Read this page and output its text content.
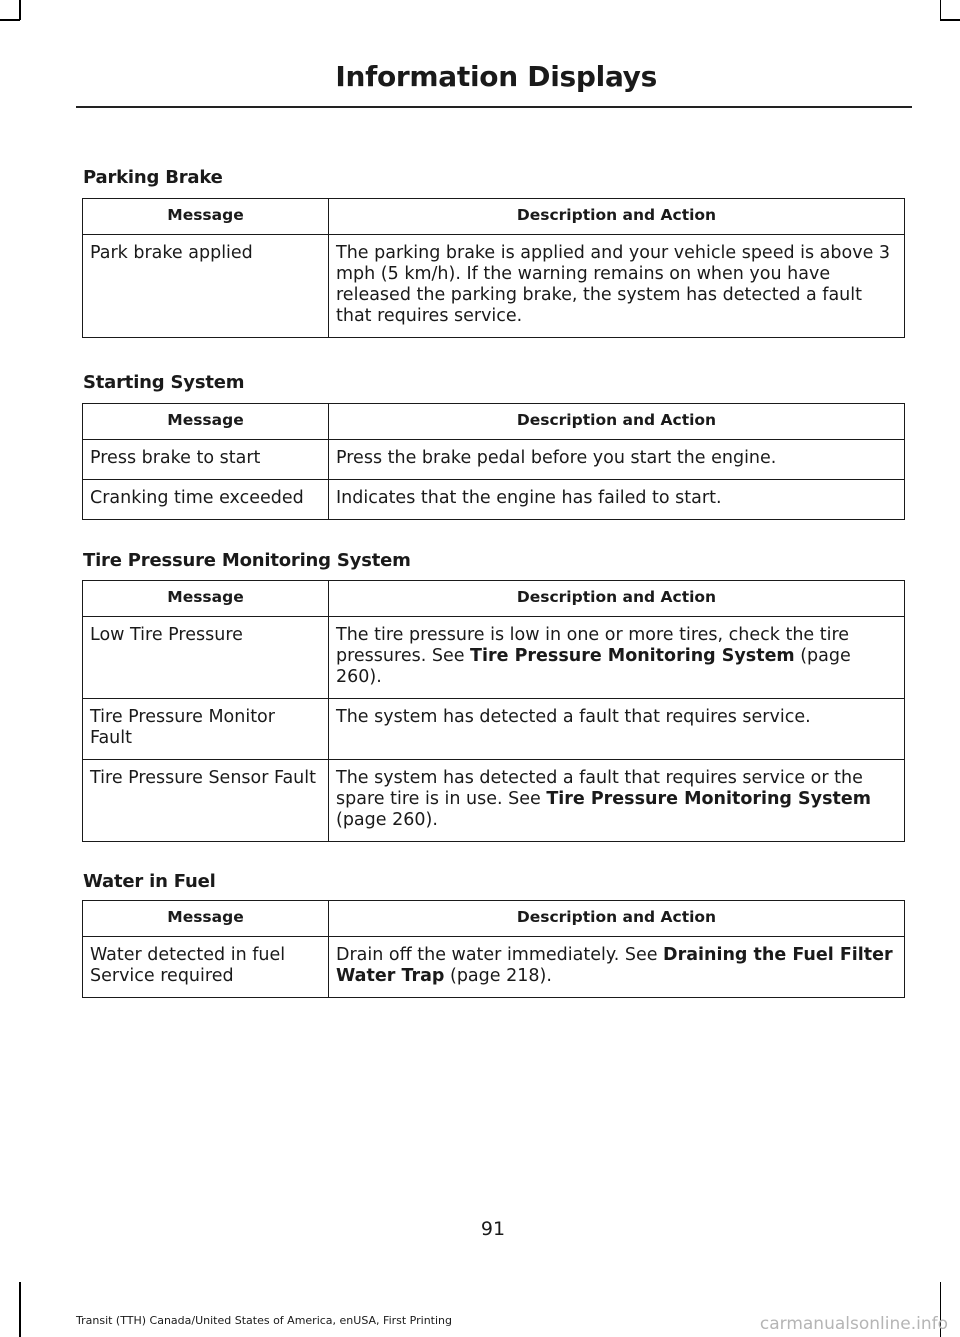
Information Displays
Parking Brake
Message	Description and Action
Park brake applied	The parking brake is applied and your vehicle speed is above 3 mph (5 km/h). If the warning remains on when you have released the parking brake, the system has detected a fault that requires service.
Starting System
Message	Description and Action
Press brake to start	Press the brake pedal before you start the engine.
Cranking time exceeded	Indicates that the engine has failed to start.
Tire Pressure Monitoring System
Message	Description and Action
Low Tire Pressure	The tire pressure is low in one or more tires, check the tire pressures. See Tire Pressure Monitoring System (page 260).
Tire Pressure Monitor Fault	The system has detected a fault that requires service.
Tire Pressure Sensor Fault	The system has detected a fault that requires service or the spare tire is in use. See Tire Pressure Monitoring System (page 260).
Water in Fuel
Message	Description and Action
Water detected in fuel Service required	Drain off the water immediately. See Draining the Fuel Filter Water Trap (page 218).
91
Transit (TTH) Canada/United States of America, enUSA, First Printing	carmanualsonline.info
